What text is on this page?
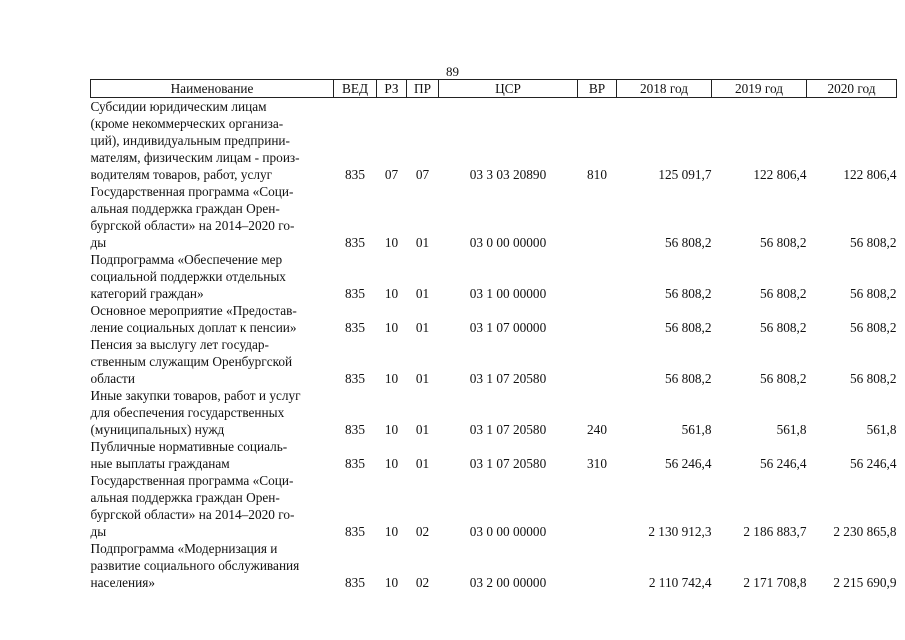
89
Наименование	ВЕД	РЗ	ПР	ЦСР	ВР	2018 год	2019 год	2020 год

Субсидии юридическим лицам
(кроме некоммерческих организа-
ций), индивидуальным предприни-
мателям, физическим лицам - произ-
водителям товаров, работ, услуг	835	07	07	03 3 03 20890	810	125 091,7	122 806,4	122 806,4

Государственная программа «Соци-
альная поддержка граждан Орен-
бургской области» на 2014–2020 го-
ды	835	10	01	03 0 00 00000		56 808,2	56 808,2	56 808,2

Подпрограмма «Обеспечение мер
социальной поддержки отдельных
категорий граждан»	835	10	01	03 1 00 00000		56 808,2	56 808,2	56 808,2

Основное мероприятие «Предостав-
ление социальных доплат к пенсии»	835	10	01	03 1 07 00000		56 808,2	56 808,2	56 808,2

Пенсия за выслугу лет государ-
ственным служащим Оренбургской
области	835	10	01	03 1 07 20580		56 808,2	56 808,2	56 808,2

Иные закупки товаров, работ и услуг
для обеспечения государственных
(муниципальных) нужд	835	10	01	03 1 07 20580	240	561,8	561,8	561,8

Публичные нормативные социаль-
ные выплаты гражданам	835	10	01	03 1 07 20580	310	56 246,4	56 246,4	56 246,4

Государственная программа «Соци-
альная поддержка граждан Орен-
бургской области» на 2014–2020 го-
ды	835	10	02	03 0 00 00000		2 130 912,3	2 186 883,7	2 230 865,8

Подпрограмма «Модернизация и
развитие социального обслуживания
населения»	835	10	02	03 2 00 00000		2 110 742,4	2 171 708,8	2 215 690,9
